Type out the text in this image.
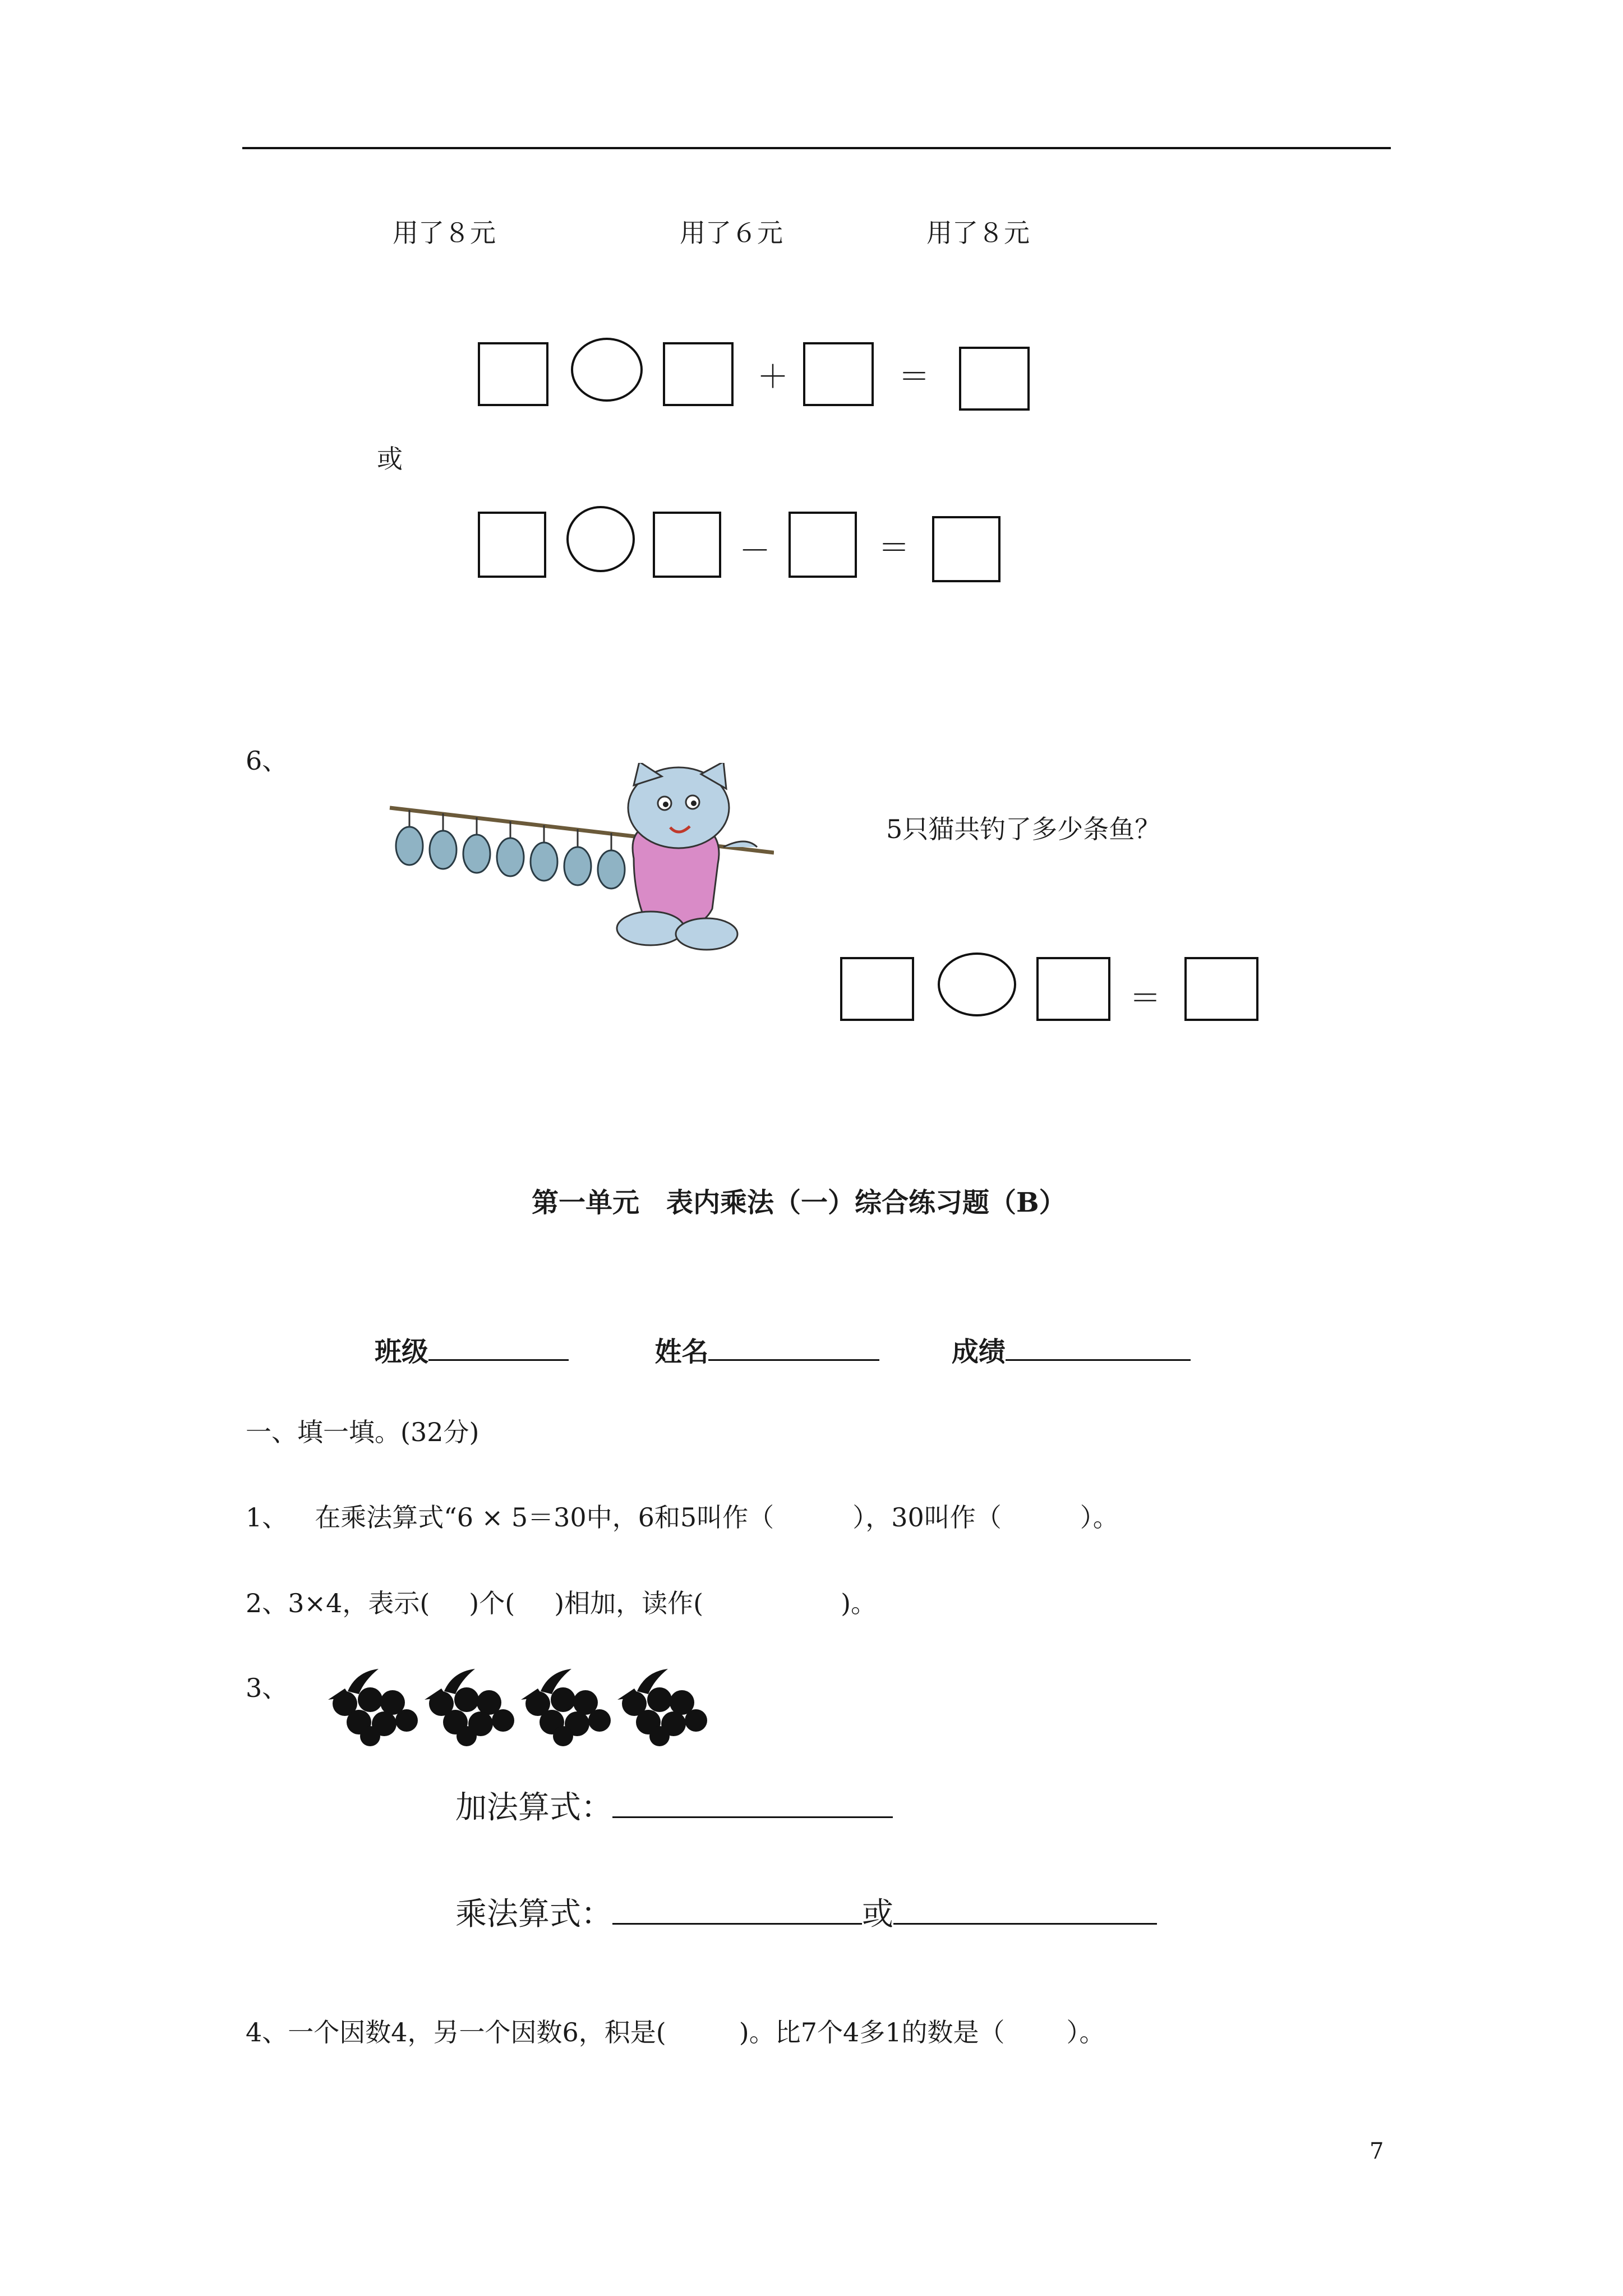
用了８元	用了６元	用了８元
＋	＝
或
－	＝
6、
5只猫共钓了多少条鱼？
＝
第一单元　表内乘法（一）综合练习题（B）
班级	姓名	成绩
一、填一填。(32分)
1、 在乘法算式“6 × 5＝30中，6和5叫作（	），30叫作（	）。
2、3×4，表示( )个( )相加，读作(	)。
3、
加法算式：
乘法算式：	或
4、一个因数4，另一个因数6，积是(	)。比7个4多1的数是（ ）。
7
